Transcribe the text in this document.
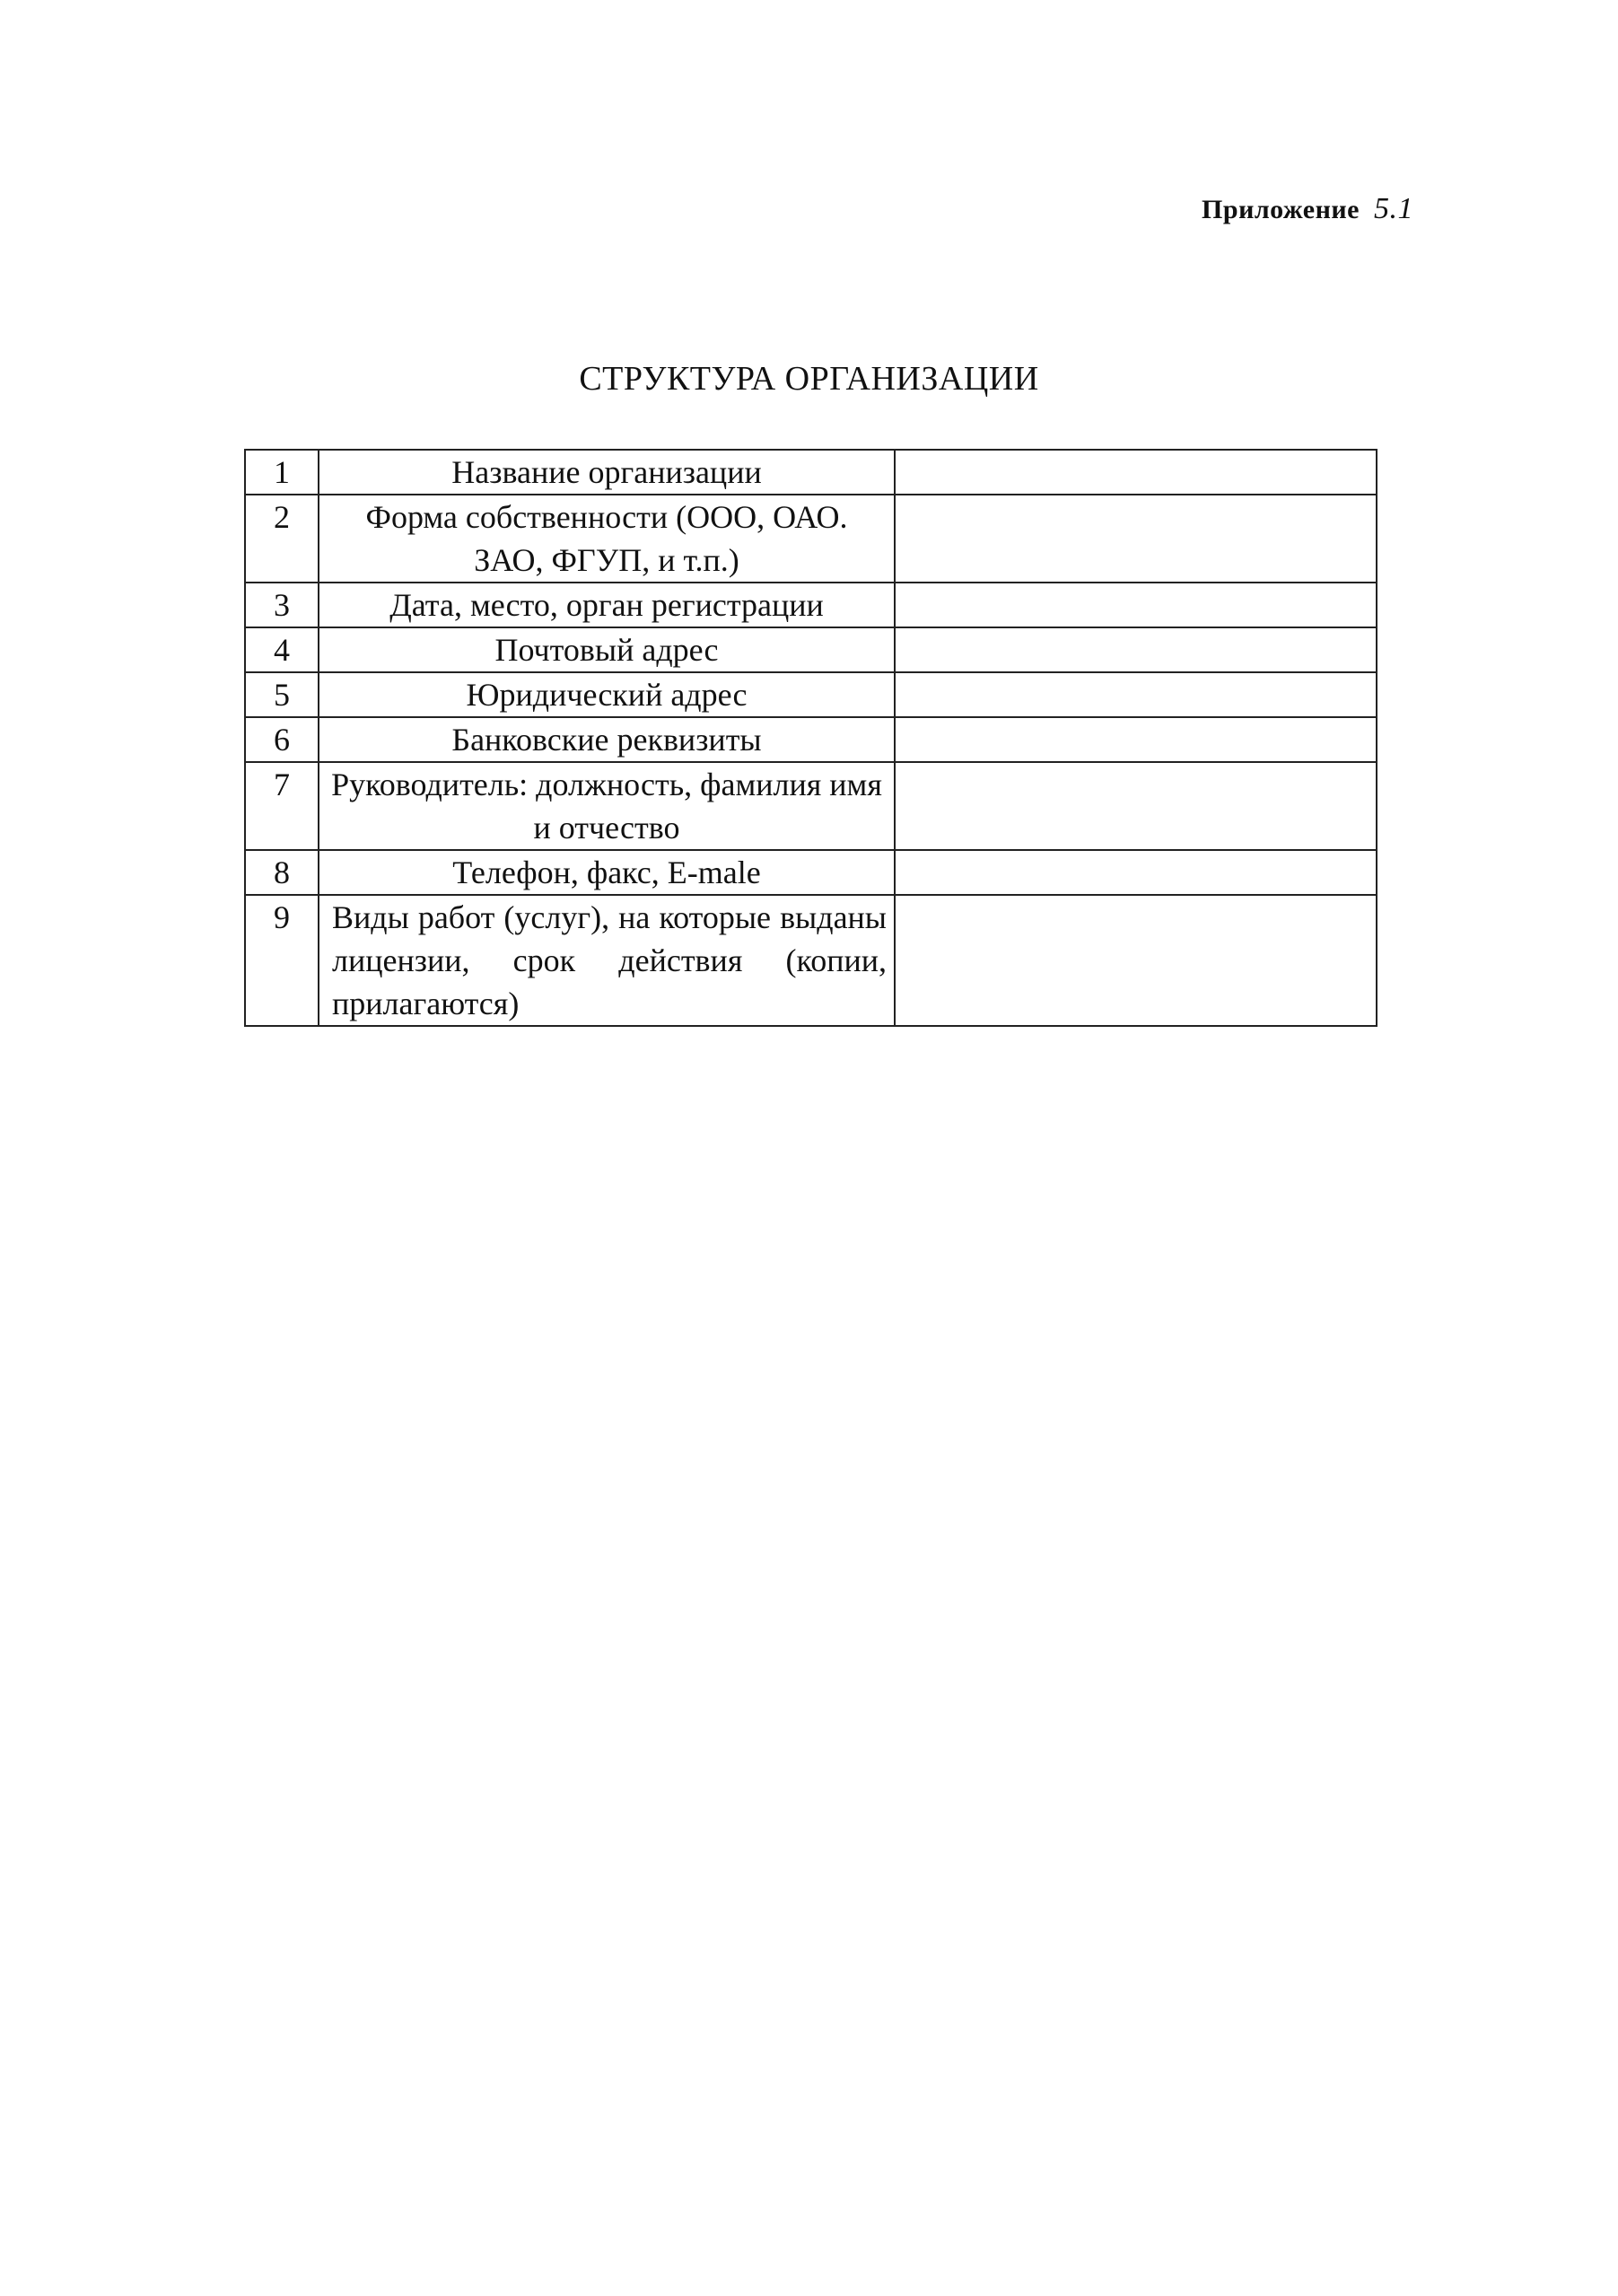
Приложение 5.1
СТРУКТУРА ОРГАНИЗАЦИИ
1	Название организации	
2	Форма собственности (ООО, ОАО. ЗАО, ФГУП, и т.п.)	
3	Дата, место, орган регистрации	
4	Почтовый адрес	
5	Юридический адрес	
6	Банковские реквизиты	
7	Руководитель: должность, фамилия имя и отчество	
8	Телефон, факс, E-male	
9	Виды работ (услуг), на которые выданы лицензии, срок действия (копии, прилагаются)	
